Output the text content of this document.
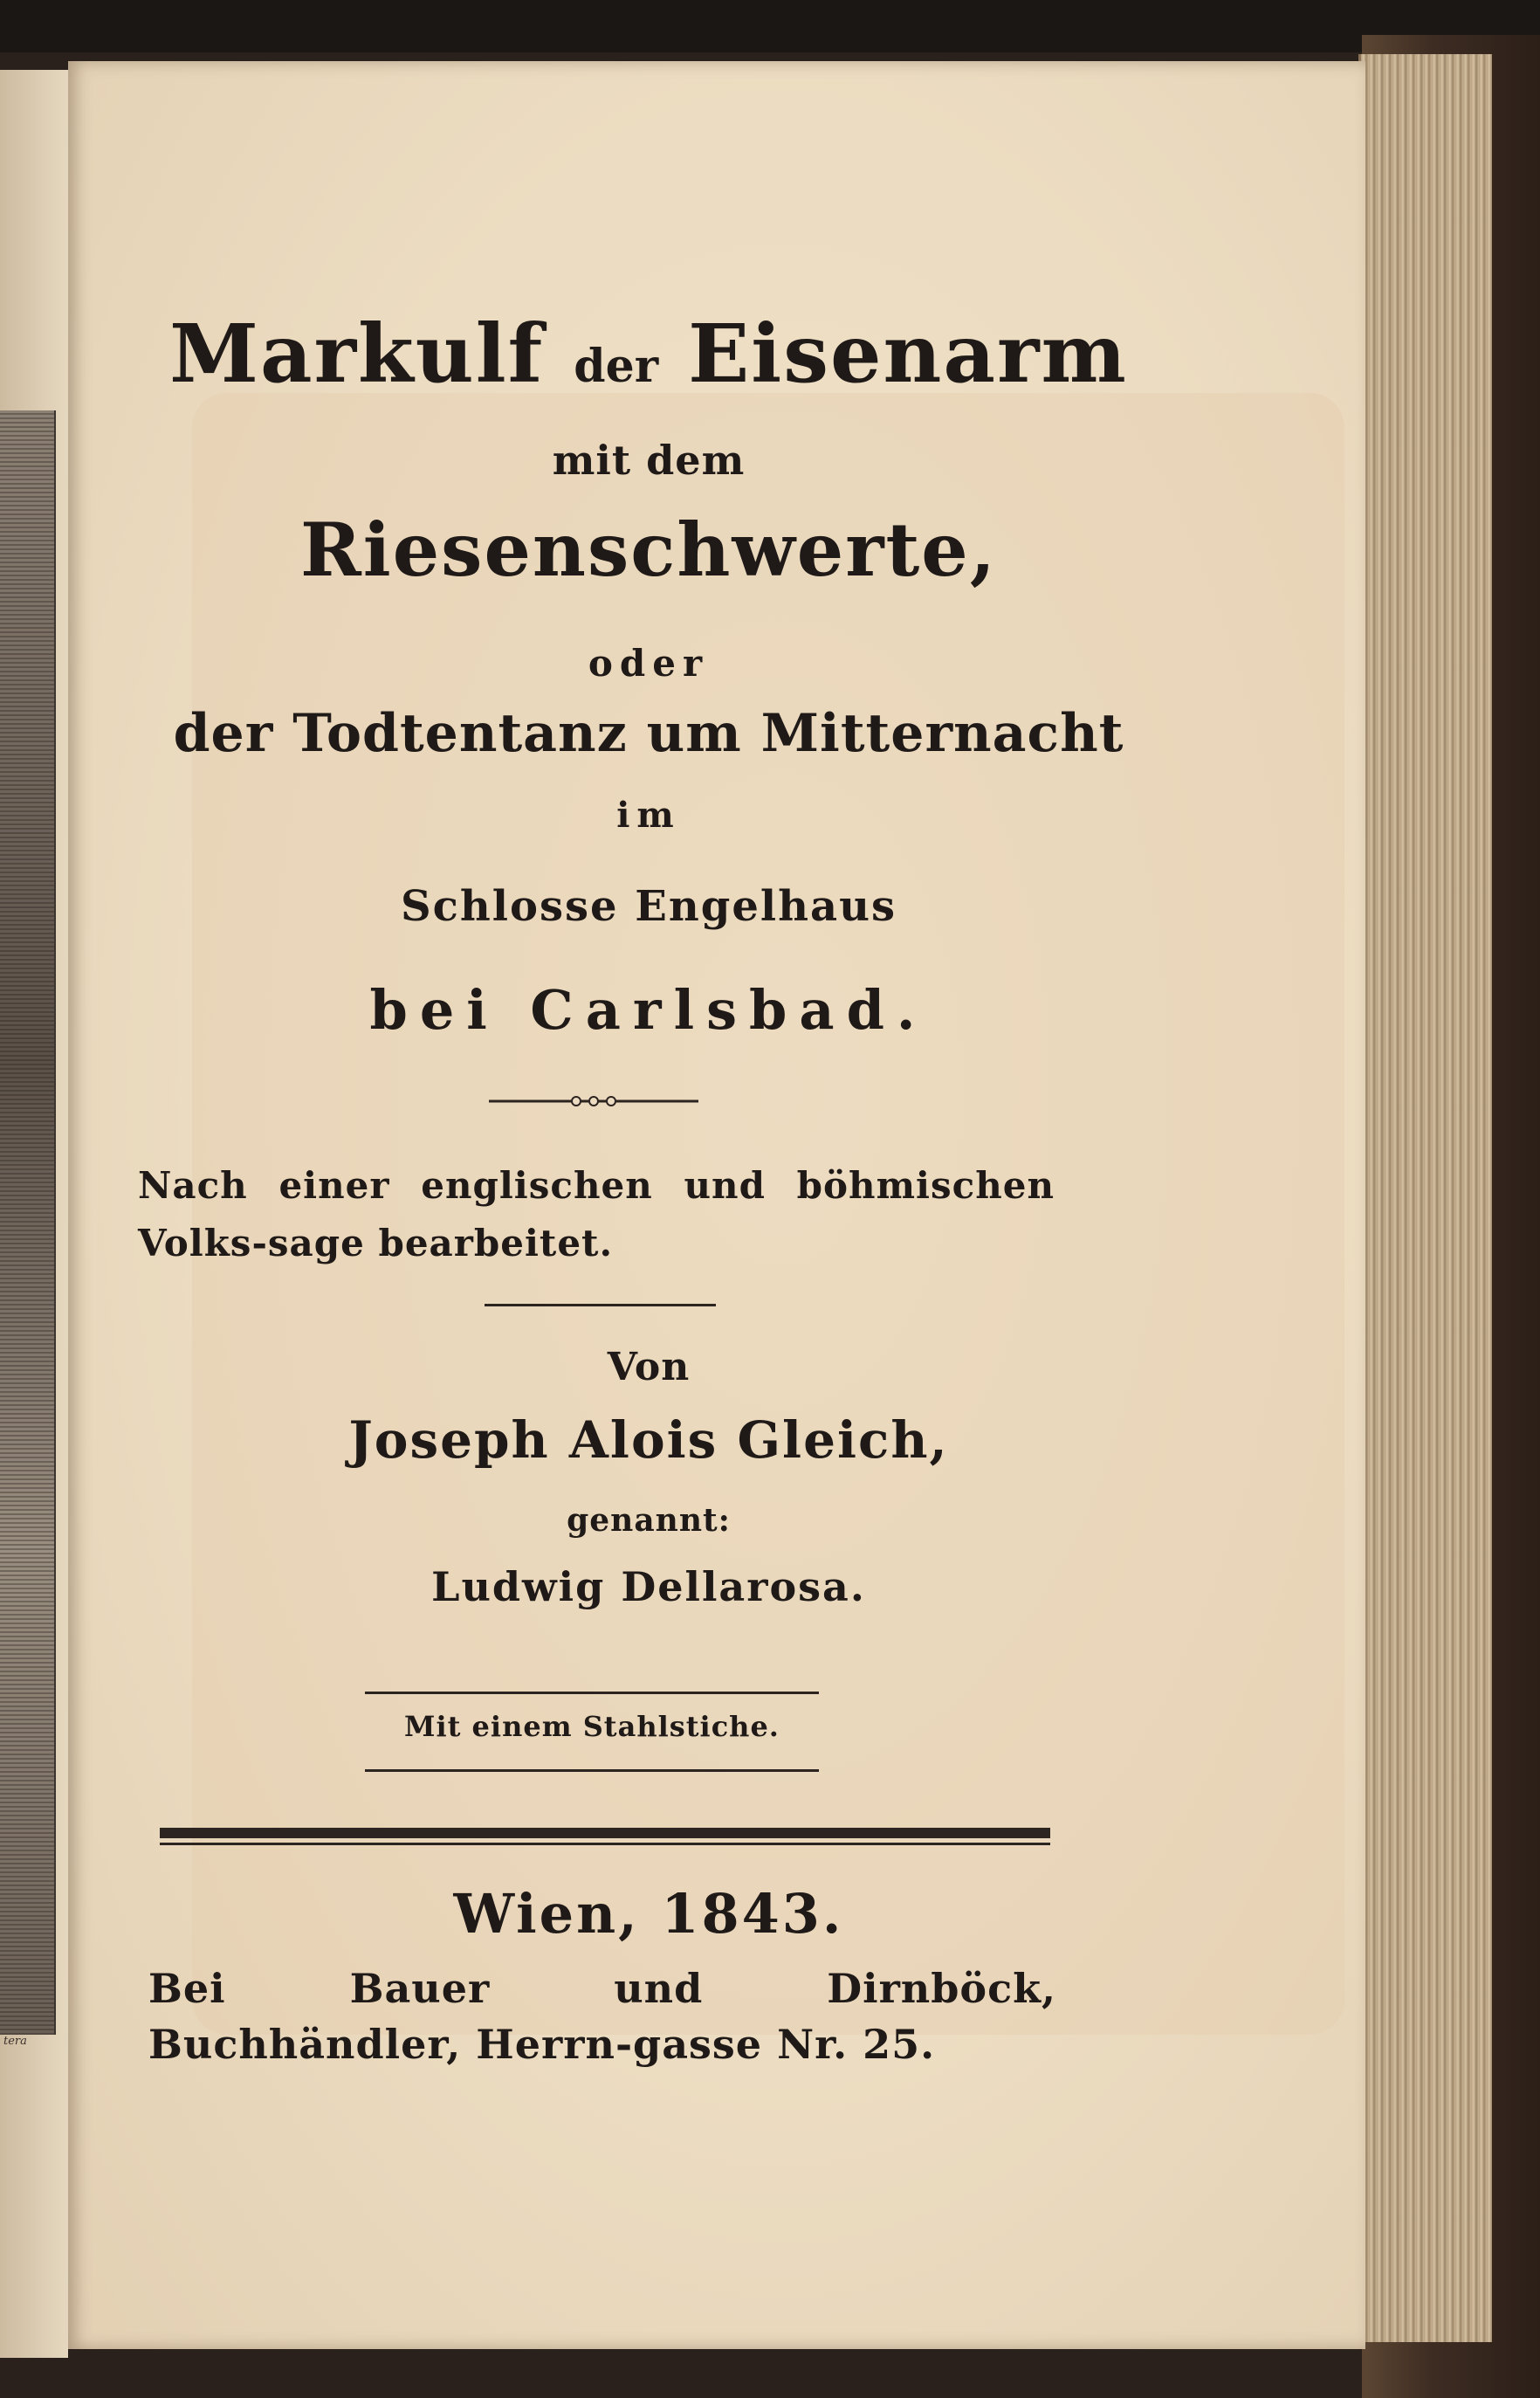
tera
Markulf der Eisenarm
mit dem
Riesenschwerte,
oder
der Todtentanz um Mitternacht
im
Schlosse Engelhaus
bei Carlsbad.
Nach einer englischen und böhmischen Volks-sage bearbeitet.
Von
Joseph Alois Gleich,
genannt:
Ludwig Dellarosa.
Mit einem Stahlstiche.
Wien, 1843.
Bei Bauer und Dirnböck, Buchhändler, Herrn-gasse Nr. 25.
